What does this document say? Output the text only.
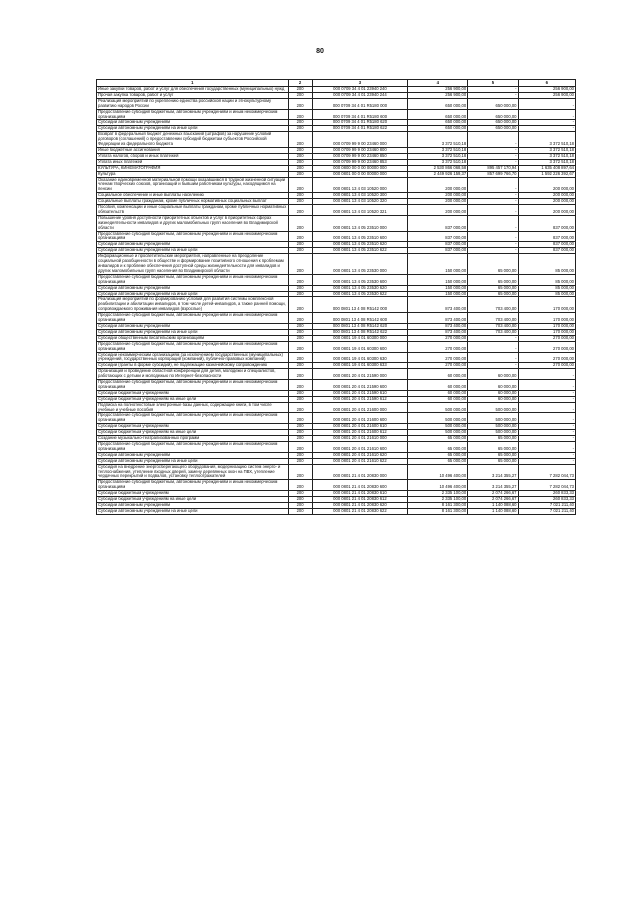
80
1	2	3	4	5	6
Иные закупки товаров, работ и услуг для обеспечения государственных (муниципальных) нужд	200	000 0709 34 4 01 23940 240	256 900,00	-	256 900,00
Прочая закупка товаров, работ и услуг	200	000 0709 34 4 01 23940 244	256 900,00	-	256 900,00
Реализация мероприятий по укреплению единства российской нации и этнокультурному развитию народов России	200	000 0709 34 4 01 R5180 000	650 000,00	650 000,00	-
Предоставление субсидий бюджетным, автономным учреждениям и иным некоммерческим организациям	200	000 0709 34 4 01 R5180 600	650 000,00	650 000,00	-
Субсидии автономным учреждениям	200	000 0709 34 4 01 R5180 620	650 000,00	650 000,00	-
Субсидии автономным учреждениям на иные цели	200	000 0709 34 4 01 R5180 622	650 000,00	650 000,00	-
Возврат в федеральный бюджет денежных взысканий (штрафов) за нарушение условий договоров (соглашений) о предоставлении субсидий бюджетам субъектов Российской Федерации из федерального бюджета	200	000 0709 99 9 00 23460 000	3 372 510,18	-	3 372 510,18
Иные бюджетные ассигнования	200	000 0709 99 9 00 23460 800	3 372 510,18	-	3 372 510,18
Уплата налогов, сборов и иных платежей	200	000 0709 99 9 00 23460 850	3 372 510,18	-	3 372 510,18
Уплата иных платежей	200	000 0709 99 9 00 23460 853	3 372 510,18	-	3 372 510,18
КУЛЬТУРА, КИНЕМАТОГРАФИЯ	200	000 0800 00 0 00 00000 000	2 530 866 068,58	895 457 170,94	1 635 408 897,64
Культура	200	000 0801 00 0 00 00000 000	2 449 926 159,37	857 699 766,70	1 592 226 392,67
Оказание единовременной материальной помощи оказавшимся в трудной жизненной ситуации членам творческих союзов, организаций и бывшим работникам культуры, находящимся на пенсии	200	000 0801 13 4 03 10520 000	200 000,00	-	200 000,00
Социальное обеспечение и иные выплаты населению	200	000 0801 13 4 03 10520 300	200 000,00	-	200 000,00
Социальные выплаты гражданам, кроме публичных нормативных социальных выплат	200	000 0801 13 4 03 10520 320	200 000,00	-	200 000,00
Пособия, компенсации и иные социальные выплаты гражданам, кроме публичных нормативных обязательств	200	000 0801 13 4 03 10520 321	200 000,00	-	200 000,00
Повышение уровня доступности приоритетных объектов и услуг в приоритетных сферах жизнедеятельности инвалидов и других маломобильных групп населения во Владимирской области	200	000 0801 13 4 05 23510 000	837 000,00	-	837 000,00
Предоставление субсидий бюджетным, автономным учреждениям и иным некоммерческим организациям	200	000 0801 13 4 05 23510 600	837 000,00	-	837 000,00
Субсидии автономным учреждениям	200	000 0801 13 4 05 23510 620	837 000,00	-	837 000,00
Субсидии автономным учреждениям на иные цели	200	000 0801 13 4 05 23510 622	837 000,00	-	837 000,00
Информационные и просветительские мероприятия, направленные на преодоление социальной разобщенности в обществе и формирование позитивного отношения к проблемам инвалидов и к проблеме обеспечения доступной среды жизнедеятельности для инвалидов и других маломобильных групп населения во Владимирской области	200	000 0801 13 4 05 23530 000	150 000,00	65 000,00	85 000,00
Предоставление субсидий бюджетным, автономным учреждениям и иным некоммерческим организациям	200	000 0801 13 4 05 23530 600	150 000,00	65 000,00	85 000,00
Субсидии автономным учреждениям	200	000 0801 13 4 05 23530 620	150 000,00	65 000,00	85 000,00
Субсидии автономным учреждениям на иные цели	200	000 0801 13 4 05 23530 622	150 000,00	65 000,00	85 000,00
Реализация мероприятий по формированию условий для развития системы комплексной реабилитации и абилитации инвалидов, в том числе детей-инвалидов, а также ранней помощи, сопровождаемого проживания инвалидов (взрослые)	200	000 0801 13 4 08 R5142 000	873 400,00	703 400,00	170 000,00
Предоставление субсидий бюджетным, автономным учреждениям и иным некоммерческим организациям	200	000 0801 13 4 08 R5142 600	873 400,00	703 400,00	170 000,00
Субсидии автономным учреждениям	200	000 0801 13 4 08 R5142 620	873 400,00	703 400,00	170 000,00
Субсидии автономным учреждениям на иные цели	200	000 0801 13 4 08 R5142 622	873 400,00	703 400,00	170 000,00
Субсидии общественным писательским организациям	200	000 0801 19 4 01 60300 000	270 000,00	-	270 000,00
Предоставление субсидий бюджетным, автономным учреждениям и иным некоммерческим организациям	200	000 0801 19 4 01 60300 600	270 000,00	-	270 000,00
Субсидии некоммерческим организациям (за исключением государственных (муниципальных) учреждений, государственных корпораций (компаний), публично-правовых компаний)	200	000 0801 19 4 01 60300 630	270 000,00	-	270 000,00
Субсидии (гранты в форме субсидий), не подлежащие казначейскому сопровождению	200	000 0801 19 4 01 60300 633	270 000,00	-	270 000,00
Организация и проведение областной конференции для детей, молодежи и специалистов, работающих с детьми и молодежью по Интернет-безопасности	200	000 0801 20 4 01 21590 000	60 000,00	60 000,00	-
Предоставление субсидий бюджетным, автономным учреждениям и иным некоммерческим организациям	200	000 0801 20 4 01 21590 600	60 000,00	60 000,00	-
Субсидии бюджетным учреждениям	200	000 0801 20 4 01 21590 610	60 000,00	60 000,00	-
Субсидии бюджетным учреждениям на иные цели	200	000 0801 20 4 01 21590 612	60 000,00	60 000,00	-
Подписка на полнотекстовые электронные базы данных, содержащие книги, в том числе учебные и учебные пособия	200	000 0801 20 4 01 21600 000	500 000,00	500 000,00	-
Предоставление субсидий бюджетным, автономным учреждениям и иным некоммерческим организациям	200	000 0801 20 4 01 21600 600	500 000,00	500 000,00	-
Субсидии бюджетным учреждениям	200	000 0801 20 4 01 21600 610	500 000,00	500 000,00	-
Субсидии бюджетным учреждениям на иные цели	200	000 0801 20 4 01 21600 612	500 000,00	500 000,00	-
Создание музыкально-театрализованных программ	200	000 0801 20 4 01 21610 000	65 000,00	65 000,00	-
Предоставление субсидий бюджетным, автономным учреждениям и иным некоммерческим организациям	200	000 0801 20 4 01 21610 600	65 000,00	65 000,00	-
Субсидии автономным учреждениям	200	000 0801 20 4 01 21610 620	65 000,00	65 000,00	-
Субсидии автономным учреждениям на иные цели	200	000 0801 20 4 01 21610 622	65 000,00	65 000,00	-
Субсидия на внедрение энергосберегающего оборудования, модернизацию систем энерго- и теплоснабжения, утепление входных дверей, замену деревянных окон на ПВХ, утепление чердачных перекрытий и подвалов, установку теплоотражателей	200	000 0801 21 4 01 20830 000	10 496 400,00	3 214 355,27	7 282 044,73
Предоставление субсидий бюджетным, автономным учреждениям и иным некоммерческим организациям	200	000 0801 21 4 01 20830 600	10 496 400,00	3 214 355,27	7 282 044,73
Субсидии бюджетным учреждениям	200	000 0801 21 4 01 20830 610	2 335 100,00	2 074 266,67	260 833,33
Субсидии бюджетным учреждениям на иные цели	200	000 0801 21 4 01 20830 612	2 335 100,00	2 074 266,67	260 833,33
Субсидии автономным учреждениям	200	000 0801 21 4 01 20830 620	8 161 300,00	1 140 088,60	7 021 211,40
Субсидии автономным учреждениям на иные цели	200	000 0801 21 4 01 20830 622	8 161 300,00	1 140 088,60	7 021 211,40
